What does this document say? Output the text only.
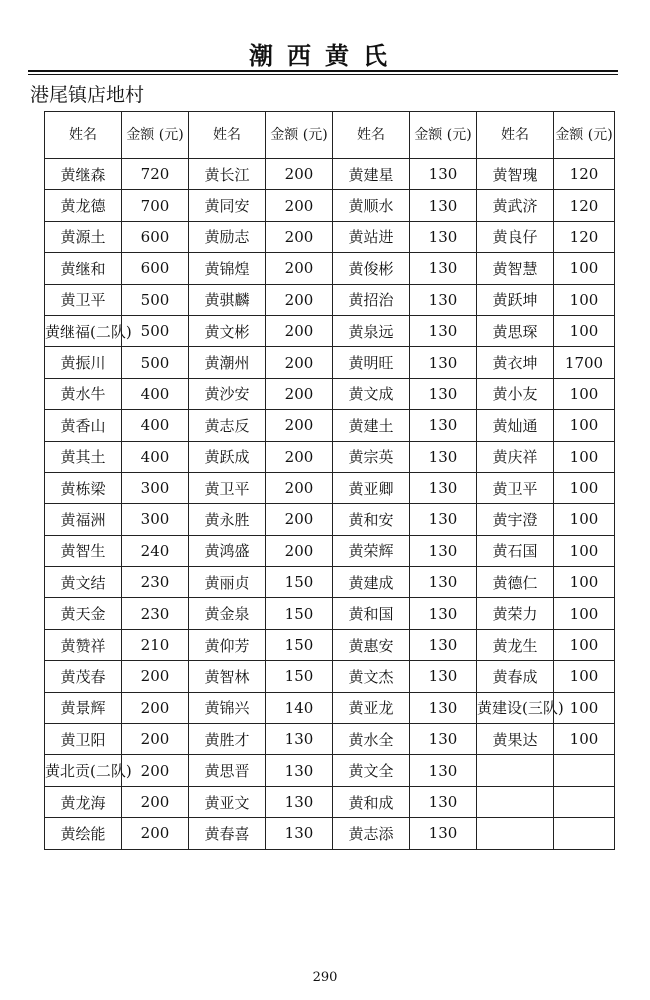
潮西黄氏
港尾镇店地村
姓名	金额 (元)	姓名	金额 (元)	姓名	金额 (元)	姓名	金额 (元)
黄继森	720	黄长江	200	黄建星	130	黄智瑰	120
黄龙德	700	黄同安	200	黄顺水	130	黄武济	120
黄源土	600	黄励志	200	黄站进	130	黄良仔	120
黄继和	600	黄锦煌	200	黄俊彬	130	黄智慧	100
黄卫平	500	黄骐麟	200	黄招治	130	黄跃坤	100
黄继福(二队)	500	黄文彬	200	黄泉远	130	黄思琛	100
黄振川	500	黄潮州	200	黄明旺	130	黄衣坤	1700
黄水牛	400	黄沙安	200	黄文成	130	黄小友	100
黄香山	400	黄志反	200	黄建土	130	黄灿通	100
黄其土	400	黄跃成	200	黄宗英	130	黄庆祥	100
黄栋梁	300	黄卫平	200	黄亚卿	130	黄卫平	100
黄福洲	300	黄永胜	200	黄和安	130	黄宇澄	100
黄智生	240	黄鸿盛	200	黄荣辉	130	黄石国	100
黄文结	230	黄丽贞	150	黄建成	130	黄德仁	100
黄天金	230	黄金泉	150	黄和国	130	黄荣力	100
黄赞祥	210	黄仰芳	150	黄惠安	130	黄龙生	100
黄茂春	200	黄智林	150	黄文杰	130	黄春成	100
黄景辉	200	黄锦兴	140	黄亚龙	130	黄建设(三队)	100
黄卫阳	200	黄胜才	130	黄水全	130	黄果达	100
黄北贡(二队)	200	黄思晋	130	黄文全	130		
黄龙海	200	黄亚文	130	黄和成	130		
黄绘能	200	黄春喜	130	黄志添	130		
290
